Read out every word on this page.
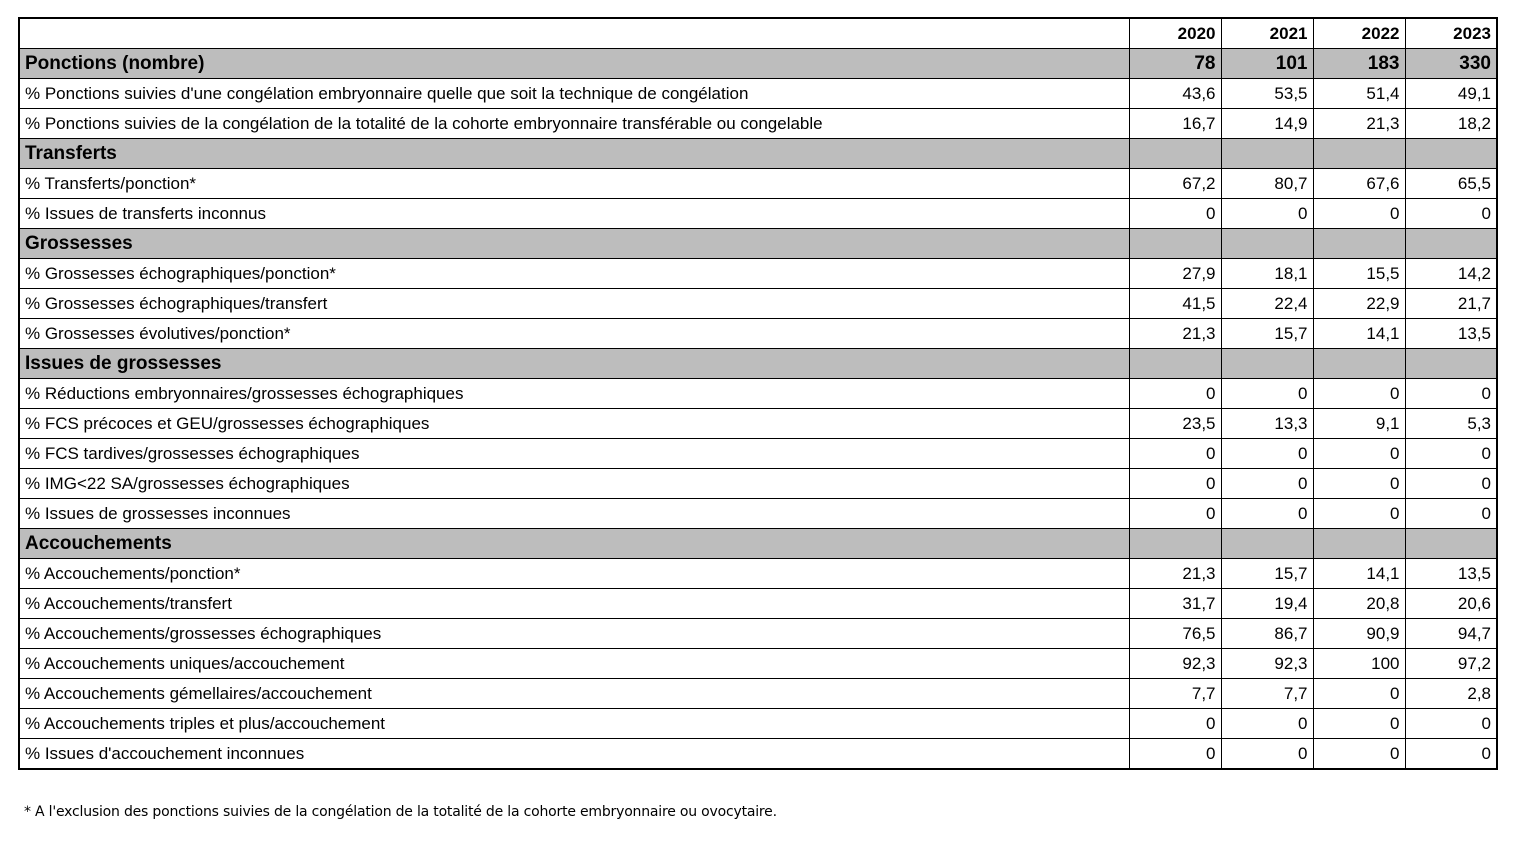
	2020	2021	2022	2023
Ponctions (nombre)	78	101	183	330
% Ponctions suivies d'une congélation embryonnaire quelle que soit la technique de congélation	43,6	53,5	51,4	49,1
% Ponctions suivies de la congélation de la totalité de la cohorte embryonnaire transférable ou congelable	16,7	14,9	21,3	18,2
Transferts				
% Transferts/ponction*	67,2	80,7	67,6	65,5
% Issues de transferts inconnus	0	0	0	0
Grossesses				
% Grossesses échographiques/ponction*	27,9	18,1	15,5	14,2
% Grossesses échographiques/transfert	41,5	22,4	22,9	21,7
% Grossesses évolutives/ponction*	21,3	15,7	14,1	13,5
Issues de grossesses				
% Réductions embryonnaires/grossesses échographiques	0	0	0	0
% FCS précoces et GEU/grossesses échographiques	23,5	13,3	9,1	5,3
% FCS tardives/grossesses échographiques	0	0	0	0
% IMG<22 SA/grossesses échographiques	0	0	0	0
% Issues de grossesses inconnues	0	0	0	0
Accouchements				
% Accouchements/ponction*	21,3	15,7	14,1	13,5
% Accouchements/transfert	31,7	19,4	20,8	20,6
% Accouchements/grossesses échographiques	76,5	86,7	90,9	94,7
% Accouchements uniques/accouchement	92,3	92,3	100	97,2
% Accouchements gémellaires/accouchement	7,7	7,7	0	2,8
% Accouchements triples et plus/accouchement	0	0	0	0
% Issues d'accouchement inconnues	0	0	0	0
* A l'exclusion des ponctions suivies de la congélation de la totalité de la cohorte embryonnaire ou ovocytaire.
